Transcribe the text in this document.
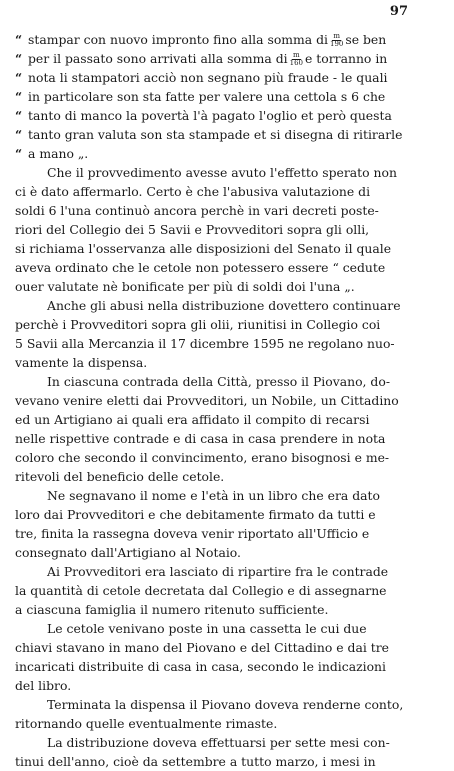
97
“ stampar con nuovo impronto fino alla somma di $\frac{m}{190}$ se ben
“ per il passato sono arrivati alla somma di $\frac{m}{160}$ e torranno in
“ nota li stampatori acciò non segnano più fraude - le quali
“ in particolare son sta fatte per valere una cettola s 6 che
“ tanto di manco la povertà l'à pagato l'oglio et però questa
“ tanto gran valuta son sta stampade et si disegna di ritirarle
“ a mano „.
Che il provvedimento avesse avuto l'effetto sperato non
ci è dato affermarlo. Certo è che l'abusiva valutazione di
soldi 6 l'una continuò ancora perchè in vari decreti poste-
riori del Collegio dei 5 Savii e Provveditori sopra gli olli,
si richiama l'osservanza alle disposizioni del Senato il quale
aveva ordinato che le cetole non potessero essere “ cedute
ouer valutate nè bonificate per più di soldi doi l'una „.
Anche gli abusi nella distribuzione dovettero continuare
perchè i Provveditori sopra gli olii, riunitisi in Collegio coi
5 Savii alla Mercanzia il 17 dicembre 1595 ne regolano nuo-
vamente la dispensa.
In ciascuna contrada della Città, presso il Piovano, do-
vevano venire eletti dai Provveditori, un Nobile, un Cittadino
ed un Artigiano ai quali era affidato il compito di recarsi
nelle rispettive contrade e di casa in casa prendere in nota
coloro che secondo il convincimento, erano bisognosi e me-
ritevoli del beneficio delle cetole.
Ne segnavano il nome e l'età in un libro che era dato
loro dai Provveditori e che debitamente firmato da tutti e
tre, finita la rassegna doveva venir riportato all'Ufficio e
consegnato dall'Artigiano al Notaio.
Ai Provveditori era lasciato di ripartire fra le contrade
la quantità di cetole decretata dal Collegio e di assegnarne
a ciascuna famiglia il numero ritenuto sufficiente.
Le cetole venivano poste in una cassetta le cui due
chiavi stavano in mano del Piovano e del Cittadino e dai tre
incaricati distribuite di casa in casa, secondo le indicazioni
del libro.
Terminata la dispensa il Piovano doveva renderne conto,
ritornando quelle eventualmente rimaste.
La distribuzione doveva effettuarsi per sette mesi con-
tinui dell'anno, cioè da settembre a tutto marzo, i mesi in
